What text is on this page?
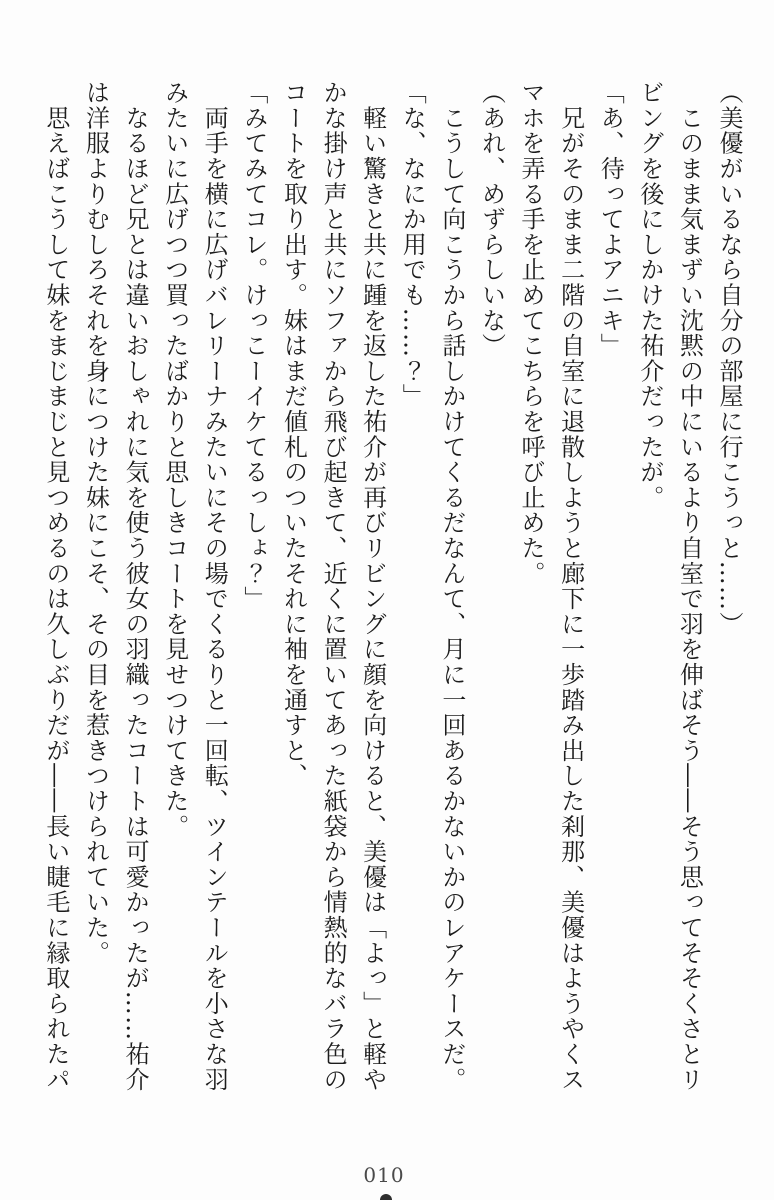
（美優がいるなら自分の部屋に行こうっと……）

　このまま気まずい沈黙の中にいるより自室で羽を伸ばそう――そう思ってそそくさとリビングを後にしかけた祐介だったが。

「あ、待ってよアニキ」

　兄がそのまま二階の自室に退散しようと廊下に一歩踏み出した刹那、美優はようやくスマホを弄る手を止めてこちらを呼び止めた。

（あれ、めずらしいな）

　こうして向こうから話しかけてくるだなんて、月に一回あるかないかのレアケースだ。

「な、なにか用でも……？」

　軽い驚きと共に踵を返した祐介が再びリビングに顔を向けると、美優は「よっ」と軽やかな掛け声と共にソファから飛び起きて、近くに置いてあった紙袋から情熱的なバラ色のコートを取り出す。妹はまだ値札のついたそれに袖を通すと、

「みてみてコレ。けっこーイケてるっしょ？」

　両手を横に広げバレリーナみたいにその場でくるりと一回転、ツインテールを小さな羽みたいに広げつつ買ったばかりと思しきコートを見せつけてきた。

　なるほど兄とは違いおしゃれに気を使う彼女の羽織ったコートは可愛かったが……祐介は洋服よりむしろそれを身につけた妹にこそ、その目を惹きつけられていた。

　思えばこうして妹をまじまじと見つめるのは久しぶりだが――長い睫毛に縁取られたパ

010
